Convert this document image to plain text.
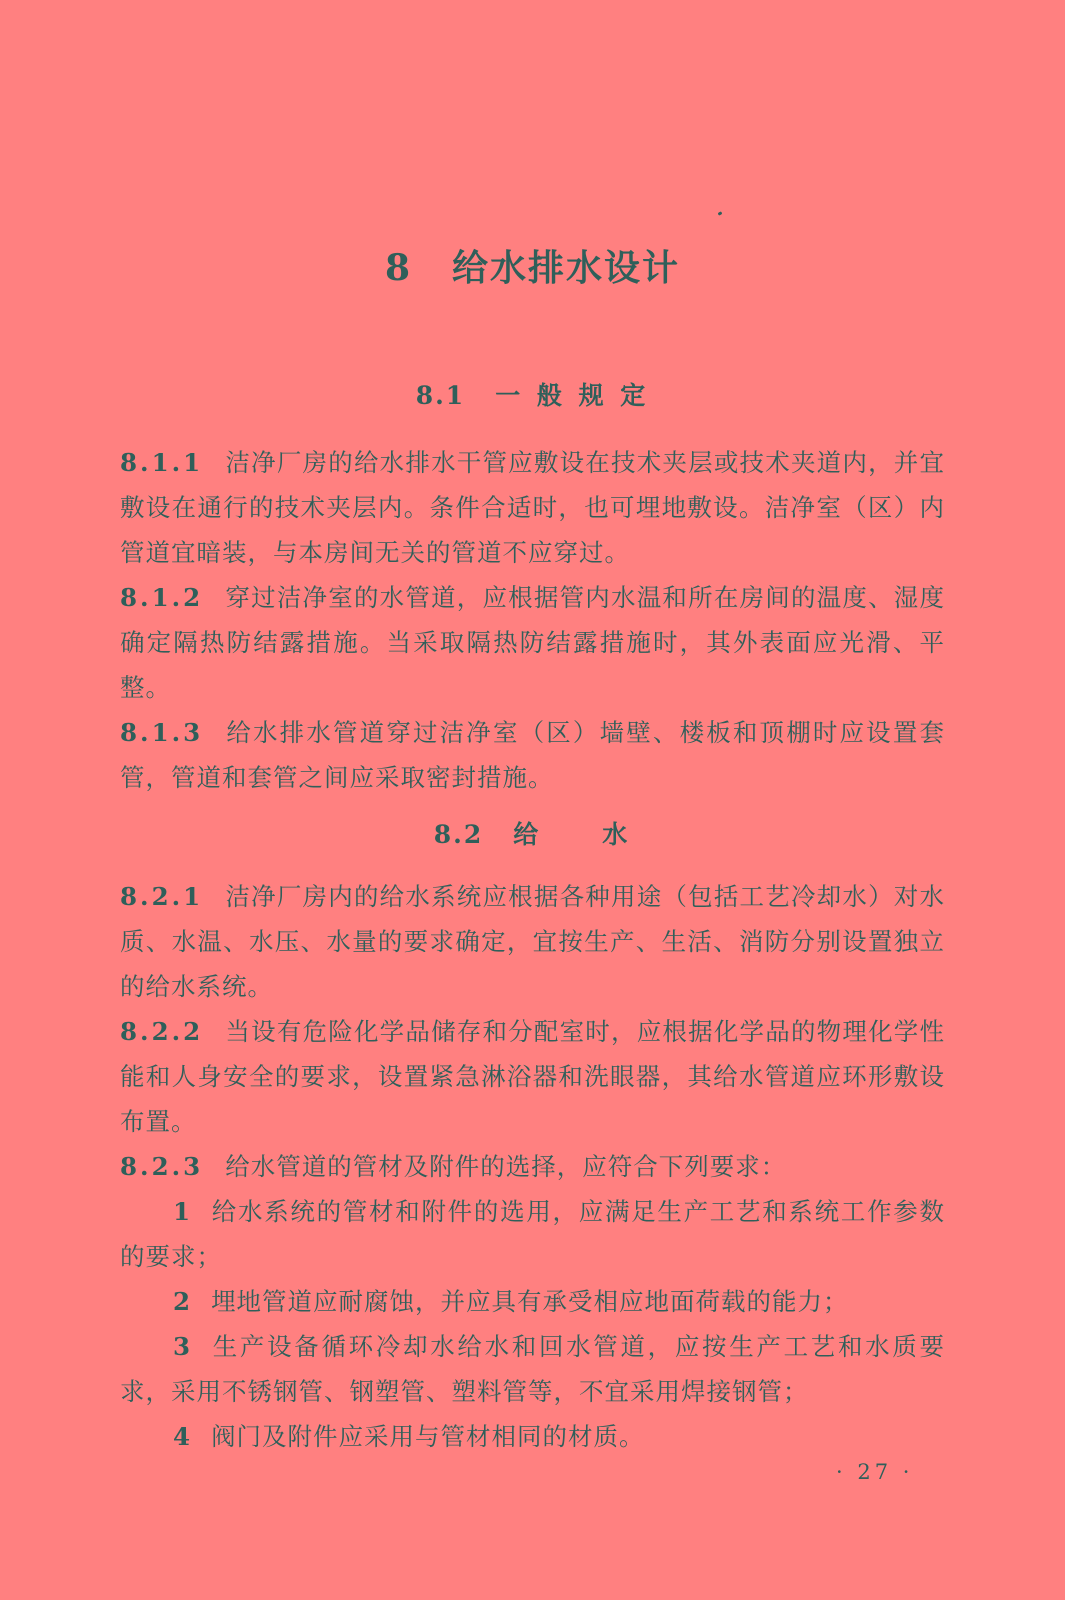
8 给水排水设计
8.1 一 般 规 定

8.1.1 洁净厂房的给水排水干管应敷设在技术夹层或技术夹道内，并宜敷设在通行的技术夹层内。条件合适时，也可埋地敷设。洁净室（区）内管道宜暗装，与本房间无关的管道不应穿过。

8.1.2 穿过洁净室的水管道，应根据管内水温和所在房间的温度、湿度确定隔热防结露措施。当采取隔热防结露措施时，其外表面应光滑、平整。

8.1.3 给水排水管道穿过洁净室（区）墙壁、楼板和顶棚时应设置套管，管道和套管之间应采取密封措施。

8.2 给 水

8.2.1 洁净厂房内的给水系统应根据各种用途（包括工艺冷却水）对水质、水温、水压、水量的要求确定，宜按生产、生活、消防分别设置独立的给水系统。

8.2.2 当设有危险化学品储存和分配室时，应根据化学品的物理化学性能和人身安全的要求，设置紧急淋浴器和洗眼器，其给水管道应环形敷设布置。

8.2.3 给水管道的管材及附件的选择，应符合下列要求：

1 给水系统的管材和附件的选用，应满足生产工艺和系统工作参数的要求；

2 埋地管道应耐腐蚀，并应具有承受相应地面荷载的能力；

3 生产设备循环冷却水给水和回水管道，应按生产工艺和水质要求，采用不锈钢管、钢塑管、塑料管等，不宜采用焊接钢管；

4 阀门及附件应采用与管材相同的材质。

· 27 ·
